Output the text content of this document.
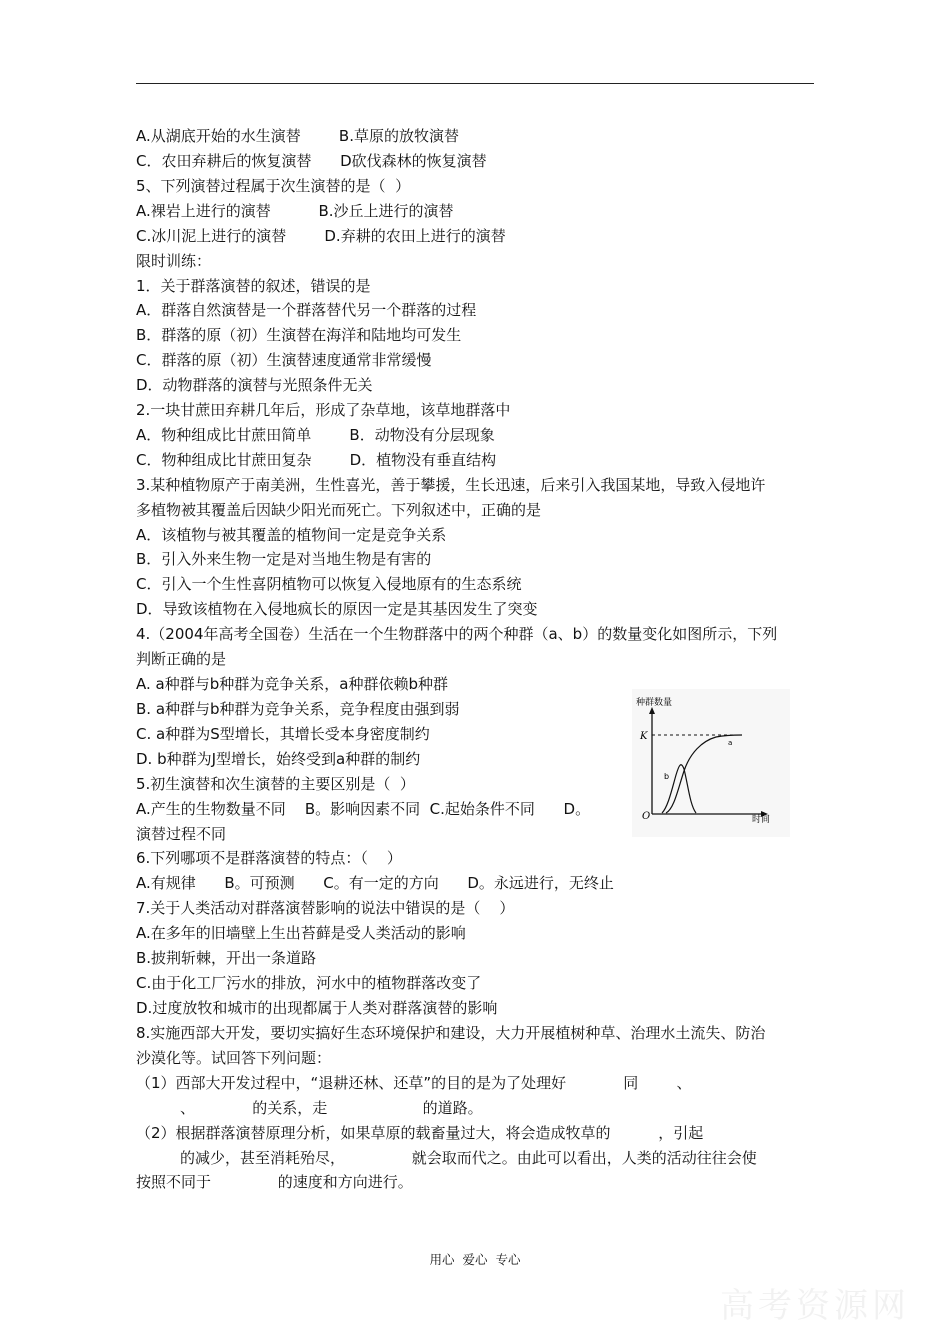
A.从湖底开始的水生演替        B.草原的放牧演替
C．农田弃耕后的恢复演替      D砍伐森林的恢复演替
5、下列演替过程属于次生演替的是（  ）
A.裸岩上进行的演替          B.沙丘上进行的演替
C.冰川泥上进行的演替        D.弃耕的农田上进行的演替
限时训练：
1．关于群落演替的叙述，错误的是
A．群落自然演替是一个群落替代另一个群落的过程
B．群落的原（初）生演替在海洋和陆地均可发生
C．群落的原（初）生演替速度通常非常缓慢
D．动物群落的演替与光照条件无关
2.一块甘蔗田弃耕几年后，形成了杂草地，该草地群落中
A．物种组成比甘蔗田简单        B．动物没有分层现象
C．物种组成比甘蔗田复杂        D．植物没有垂直结构
3.某种植物原产于南美洲，生性喜光，善于攀援，生长迅速，后来引入我国某地，导致入侵地许
多植物被其覆盖后因缺少阳光而死亡。下列叙述中，正确的是
A．该植物与被其覆盖的植物间一定是竞争关系
B．引入外来生物一定是对当地生物是有害的
C．引入一个生性喜阴植物可以恢复入侵地原有的生态系统
D．导致该植物在入侵地疯长的原因一定是其基因发生了突变
4.（2004年高考全国卷）生活在一个生物群落中的两个种群（a、b）的数量变化如图所示，下列
判断正确的是
A. a种群与b种群为竞争关系，a种群依赖b种群
B. a种群与b种群为竞争关系，竞争程度由强到弱
C. a种群为S型增长，其增长受本身密度制约
D. b种群为J型增长，始终受到a种群的制约
5.初生演替和次生演替的主要区别是（  ）
A.产生的生物数量不同    B。影响因素不同  C.起始条件不同      D。
演替过程不同
6.下列哪项不是群落演替的特点：（    ）
A.有规律      B。可预测      C。有一定的方向      D。永远进行，无终止
7.关于人类活动对群落演替影响的说法中错误的是（    ）
A.在多年的旧墙壁上生出苔藓是受人类活动的影响
B.披荆斩棘，开出一条道路
C.由于化工厂污水的排放，河水中的植物群落改变了
D.过度放牧和城市的出现都属于人类对群落演替的影响
8.实施西部大开发，要切实搞好生态环境保护和建设，大力开展植树种草、治理水土流失、防治
沙漠化等。试回答下列问题：
（1）西部大开发过程中，“退耕还林、还草”的目的是为了处理好            同        、
、            的关系，走                    的道路。
（2）根据群落演替原理分析，如果草原的载畜量过大，将会造成牧草的          ，引起
的减少，甚至消耗殆尽，              就会取而代之。由此可以看出，人类的活动往往会使
按照不同于              的速度和方向进行。
种群数量
K
O	时间
a
b
用心  爱心  专心
高考资源网
